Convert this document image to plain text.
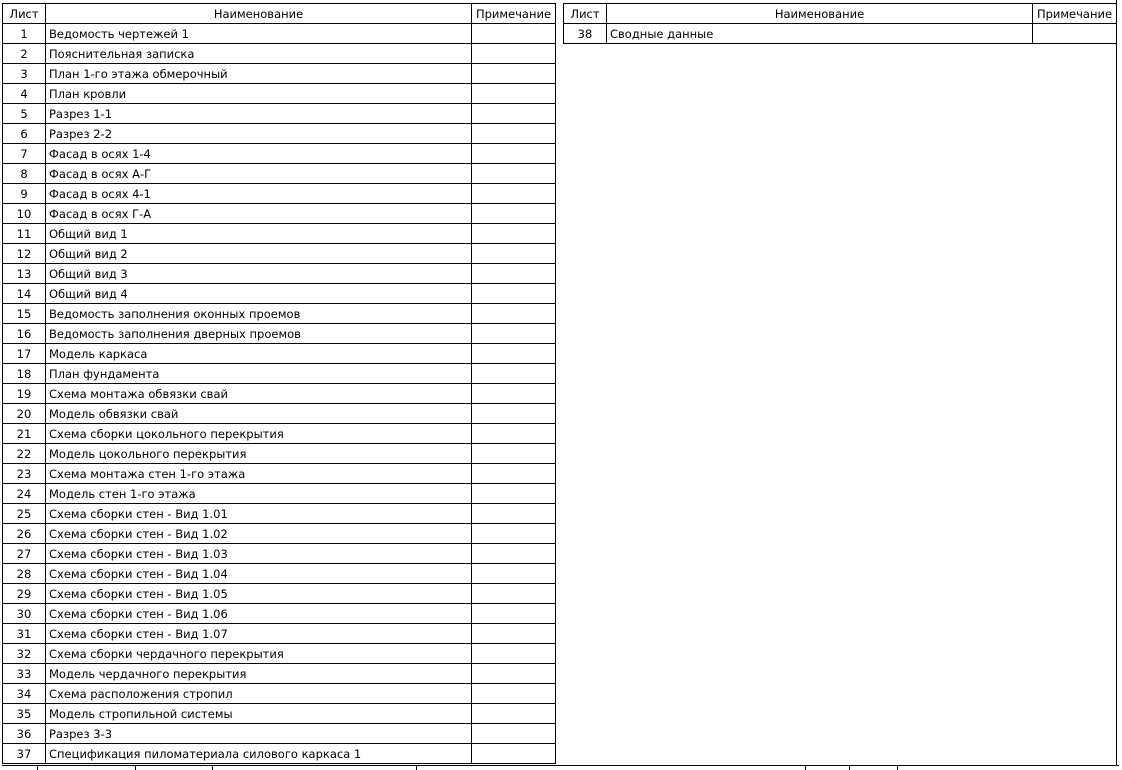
Лист	Наименование	Примечание
1	Ведомость чертежей 1	
2	Пояснительная записка	
3	План 1-го этажа обмерочный	
4	План кровли	
5	Разрез 1-1	
6	Разрез 2-2	
7	Фасад в осях 1-4	
8	Фасад в осях А-Г	
9	Фасад в осях 4-1	
10	Фасад в осях Г-А	
11	Общий вид 1	
12	Общий вид 2	
13	Общий вид 3	
14	Общий вид 4	
15	Ведомость заполнения оконных проемов	
16	Ведомость заполнения дверных проемов	
17	Модель каркаса	
18	План фундамента	
19	Схема монтажа обвязки свай	
20	Модель обвязки свай	
21	Схема сборки цокольного перекрытия	
22	Модель цокольного перекрытия	
23	Схема монтажа стен 1-го этажа	
24	Модель стен 1-го этажа	
25	Схема сборки стен - Вид 1.01	
26	Схема сборки стен - Вид 1.02	
27	Схема сборки стен - Вид 1.03	
28	Схема сборки стен - Вид 1.04	
29	Схема сборки стен - Вид 1.05	
30	Схема сборки стен - Вид 1.06	
31	Схема сборки стен - Вид 1.07	
32	Схема сборки чердачного перекрытия	
33	Модель чердачного перекрытия	
34	Схема расположения стропил	
35	Модель стропильной системы	
36	Разрез 3-3	
37	Спецификация пиломатериала силового каркаса 1	
Лист	Наименование	Примечание
38	Сводные данные	
